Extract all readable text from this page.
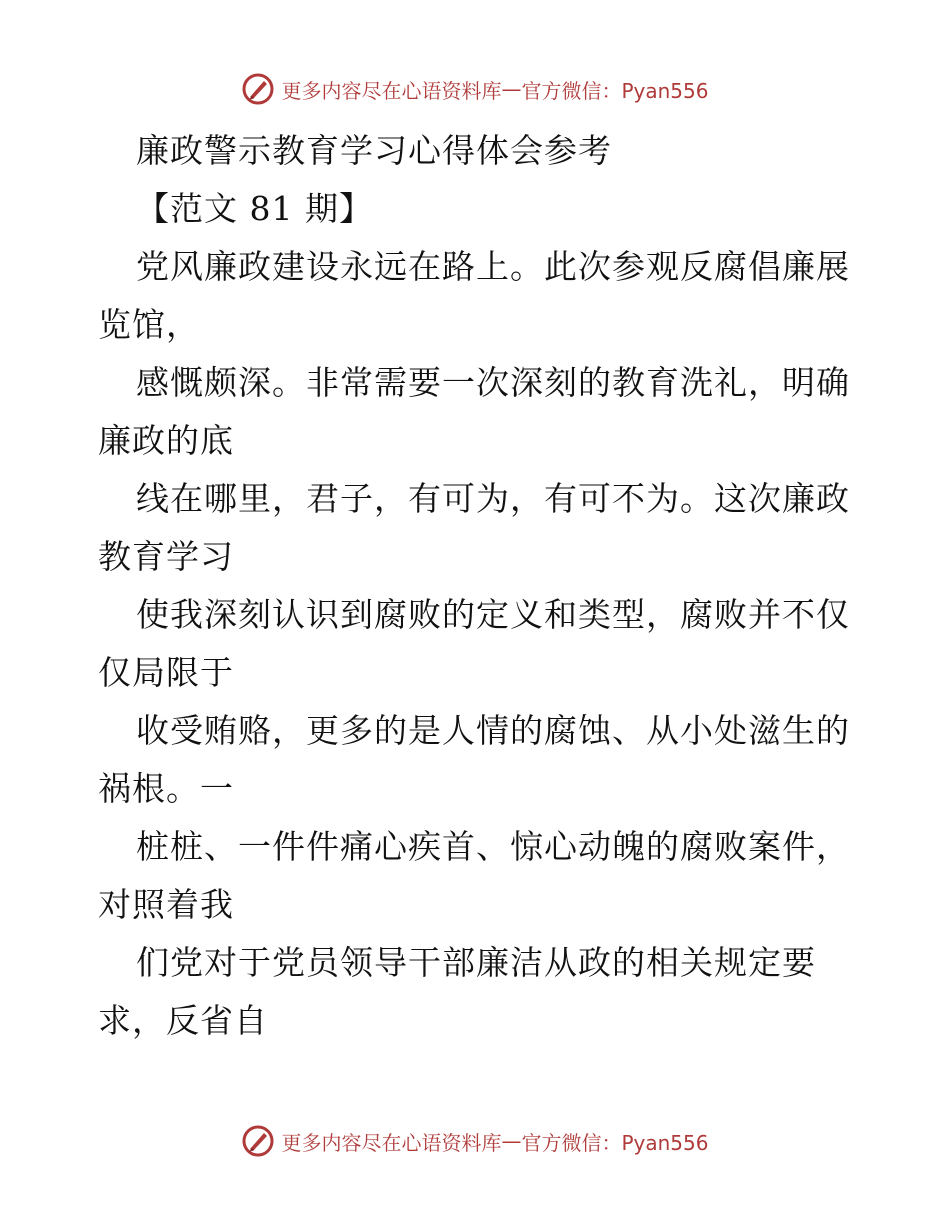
更多内容尽在心语资料库 — 官方微信：Pyan556
廉政警示教育学习心得体会参考
【范文 81 期】
党风廉政建设永远在路上。此次参观反腐倡廉展
览馆，
感慨颇深。非常需要一次深刻的教育洗礼，明确
廉政的底
线在哪里，君子，有可为，有可不为。这次廉政
教育学习
使我深刻认识到腐败的定义和类型，腐败并不仅
仅局限于
收受贿赂，更多的是人情的腐蚀、从小处滋生的
祸根。一
桩桩、一件件痛心疾首、惊心动魄的腐败案件，
对照着我
们党对于党员领导干部廉洁从政的相关规定要
求，反省自
更多内容尽在心语资料库 — 官方微信：Pyan556
